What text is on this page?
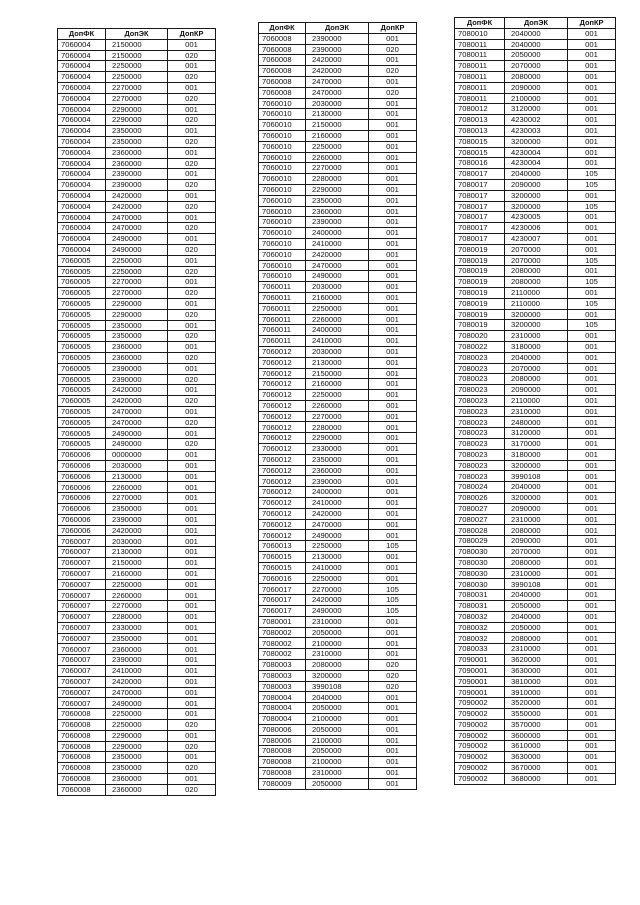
ДопФК	ДопЭК	ДопКР
7060004	2150000	001
7060004	2150000	020
7060004	2250000	001
7060004	2250000	020
7060004	2270000	001
7060004	2270000	020
7060004	2290000	001
7060004	2290000	020
7060004	2350000	001
7060004	2350000	020
7060004	2360000	001
7060004	2360000	020
7060004	2390000	001
7060004	2390000	020
7060004	2420000	001
7060004	2420000	020
7060004	2470000	001
7060004	2470000	020
7060004	2490000	001
7060004	2490000	020
7060005	2250000	001
7060005	2250000	020
7060005	2270000	001
7060005	2270000	020
7060005	2290000	001
7060005	2290000	020
7060005	2350000	001
7060005	2350000	020
7060005	2360000	001
7060005	2360000	020
7060005	2390000	001
7060005	2390000	020
7060005	2420000	001
7060005	2420000	020
7060005	2470000	001
7060005	2470000	020
7060005	2490000	001
7060005	2490000	020
7060006	0000000	001
7060006	2030000	001
7060006	2130000	001
7060006	2260000	001
7060006	2270000	001
7060006	2350000	001
7060006	2390000	001
7060006	2420000	001
7060007	2030000	001
7060007	2130000	001
7060007	2150000	001
7060007	2160000	001
7060007	2250000	001
7060007	2260000	001
7060007	2270000	001
7060007	2280000	001
7060007	2330000	001
7060007	2350000	001
7060007	2360000	001
7060007	2390000	001
7060007	2410000	001
7060007	2420000	001
7060007	2470000	001
7060007	2490000	001
7060008	2250000	001
7060008	2250000	020
7060008	2290000	001
7060008	2290000	020
7060008	2350000	001
7060008	2350000	020
7060008	2360000	001
7060008	2360000	020
ДопФК	ДопЭК	ДопКР
7060008	2390000	001
7060008	2390000	020
7060008	2420000	001
7060008	2420000	020
7060008	2470000	001
7060008	2470000	020
7060010	2030000	001
7060010	2130000	001
7060010	2150000	001
7060010	2160000	001
7060010	2250000	001
7060010	2260000	001
7060010	2270000	001
7060010	2280000	001
7060010	2290000	001
7060010	2350000	001
7060010	2360000	001
7060010	2390000	001
7060010	2400000	001
7060010	2410000	001
7060010	2420000	001
7060010	2470000	001
7060010	2490000	001
7060011	2030000	001
7060011	2160000	001
7060011	2250000	001
7060011	2260000	001
7060011	2400000	001
7060011	2410000	001
7060012	2030000	001
7060012	2130000	001
7060012	2150000	001
7060012	2160000	001
7060012	2250000	001
7060012	2260000	001
7060012	2270000	001
7060012	2280000	001
7060012	2290000	001
7060012	2330000	001
7060012	2350000	001
7060012	2360000	001
7060012	2390000	001
7060012	2400000	001
7060012	2410000	001
7060012	2420000	001
7060012	2470000	001
7060012	2490000	001
7060013	2250000	105
7060015	2130000	001
7060015	2410000	001
7060016	2250000	001
7060017	2270000	105
7060017	2420000	105
7060017	2490000	105
7080001	2310000	001
7080002	2050000	001
7080002	2100000	001
7080002	2310000	001
7080003	2080000	020
7080003	3200000	020
7080003	3990108	020
7080004	2040000	001
7080004	2050000	001
7080004	2100000	001
7080006	2050000	001
7080006	2100000	001
7080008	2050000	001
7080008	2100000	001
7080008	2310000	001
7080009	2050000	001
ДопФК	ДопЭК	ДопКР
7080010	2040000	001
7080011	2040000	001
7080011	2050000	001
7080011	2070000	001
7080011	2080000	001
7080011	2090000	001
7080011	2100000	001
7080012	3120000	001
7080013	4230002	001
7080013	4230003	001
7080015	3200000	001
7080015	4230004	001
7080016	4230004	001
7080017	2040000	105
7080017	2090000	105
7080017	3200000	001
7080017	3200000	105
7080017	4230005	001
7080017	4230006	001
7080017	4230007	001
7080019	2070000	001
7080019	2070000	105
7080019	2080000	001
7080019	2080000	105
7080019	2110000	001
7080019	2110000	105
7080019	3200000	001
7080019	3200000	105
7080020	2310000	001
7080022	3180000	001
7080023	2040000	001
7080023	2070000	001
7080023	2080000	001
7080023	2090000	001
7080023	2110000	001
7080023	2310000	001
7080023	2480000	001
7080023	3120000	001
7080023	3170000	001
7080023	3180000	001
7080023	3200000	001
7080023	3990108	001
7080024	2040000	001
7080026	3200000	001
7080027	2090000	001
7080027	2310000	001
7080028	2080000	001
7080029	2090000	001
7080030	2070000	001
7080030	2080000	001
7080030	2310000	001
7080030	3990108	001
7080031	2040000	001
7080031	2050000	001
7080032	2040000	001
7080032	2050000	001
7080032	2080000	001
7080033	2310000	001
7090001	3620000	001
7090001	3630000	001
7090001	3810000	001
7090001	3910000	001
7090002	3520000	001
7090002	3550000	001
7090002	3570000	001
7090002	3600000	001
7090002	3610000	001
7090002	3630000	001
7090002	3670000	001
7090002	3680000	001
